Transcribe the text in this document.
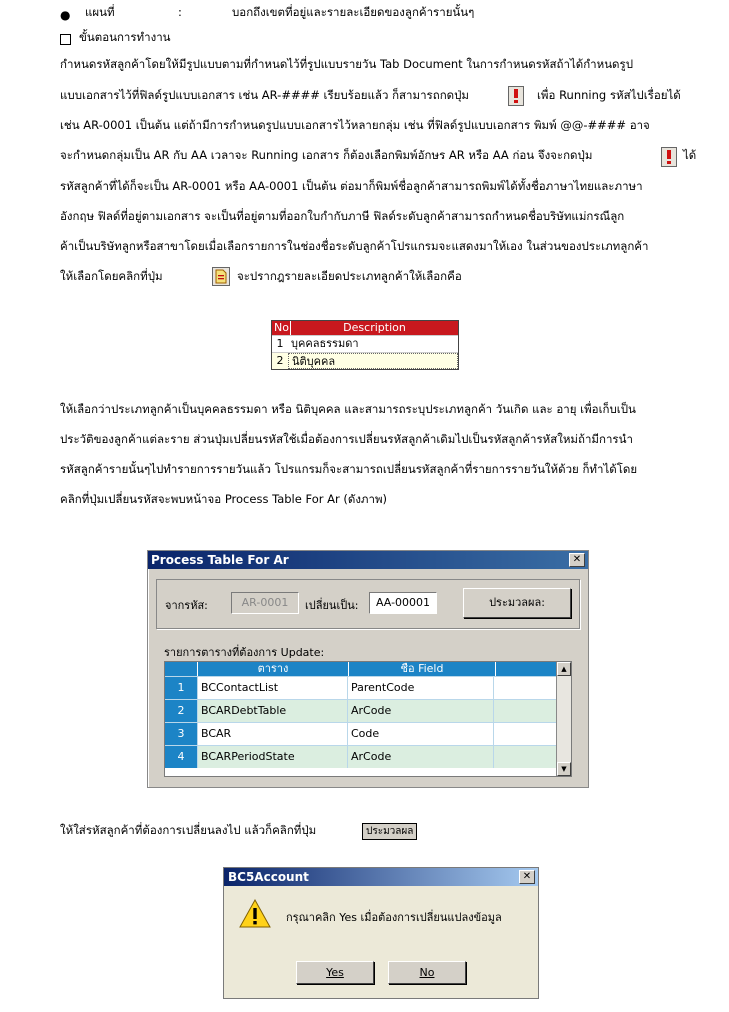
● แผนที่	:	บอกถึงเขตที่อยู่และรายละเอียดของลูกค้ารายนั้นๆ
ขั้นตอนการทำงาน
กำหนดรหัสลูกค้าโดยให้มีรูปแบบตามที่กำหนดไว้ที่รูปแบบรายวัน Tab Document ในการกำหนดรหัสถ้าได้กำหนดรูป
แบบเอกสารไว้ที่ฟิลด์รูปแบบเอกสาร เช่น AR-#### เรียบร้อยแล้ว ก็สามารถกดปุ่ม	เพื่อ Running รหัสไปเรื่อยได้
เช่น AR-0001 เป็นต้น แต่ถ้ามีการกำหนดรูปแบบเอกสารไว้หลายกลุ่ม เช่น ที่ฟิลด์รูปแบบเอกสาร พิมพ์ @@-#### อาจ
จะกำหนดกลุ่มเป็น AR กับ AA เวลาจะ Running เอกสาร ก็ต้องเลือกพิมพ์อักษร AR หรือ AA ก่อน จึงจะกดปุ่ม	ได้
รหัสลูกค้าที่ได้ก็จะเป็น AR-0001 หรือ AA-0001 เป็นต้น ต่อมาก็พิมพ์ชื่อลูกค้าสามารถพิมพ์ได้ทั้งชื่อภาษาไทยและภาษา
อังกฤษ ฟิลด์ที่อยู่ตามเอกสาร จะเป็นที่อยู่ตามที่ออกใบกำกับภาษี ฟิลด์ระดับลูกค้าสามารถกำหนดชื่อบริษัทแม่กรณีลูก
ค้าเป็นบริษัทลูกหรือสาขาโดยเมื่อเลือกรายการในช่องชื่อระดับลูกค้าโปรแกรมจะแสดงมาให้เอง ในส่วนของประเภทลูกค้า
ให้เลือกโดยคลิกที่ปุ่ม	จะปรากฎรายละเอียดประเภทลูกค้าให้เลือกคือ
No	Description
1 บุคคลธรรมดา
2 นิติบุคคล
ให้เลือกว่าประเภทลูกค้าเป็นบุคคลธรรมดา หรือ นิติบุคคล และสามารถระบุประเภทลูกค้า วันเกิด และ อายุ เพื่อเก็บเป็น
ประวัติของลูกค้าแต่ละราย ส่วนปุ่มเปลี่ยนรหัสใช้เมื่อต้องการเปลี่ยนรหัสลูกค้าเดิมไปเป็นรหัสลูกค้ารหัสใหม่ถ้ามีการนำ
รหัสลูกค้ารายนั้นๆไปทำรายการรายวันแล้ว โปรแกรมก็จะสามารถเปลี่ยนรหัสลูกค้าที่รายการรายวันให้ด้วย ก็ทำได้โดย
คลิกที่ปุ่มเปลี่ยนรหัสจะพบหน้าจอ Process Table For Ar (ดังภาพ)
Process Table For Ar	✕
จากรหัส:	AR-0001	เปลี่ยนเป็น:	AA-00001	ประมวลผล:
รายการตารางที่ต้องการ Update:
ตาราง	ชื่อ Field
1	BCContactList	ParentCode
2	BCARDebtTable	ArCode
3	BCAR	Code
4	BCARPeriodState	ArCode
▲
▼
ให้ใส่รหัสลูกค้าที่ต้องการเปลี่ยนลงไป แล้วก็คลิกที่ปุ่ม	ประมวลผล
BC5Account	✕
กรุณาคลิก Yes เมื่อต้องการเปลี่ยนแปลงข้อมูล
Yes	No
